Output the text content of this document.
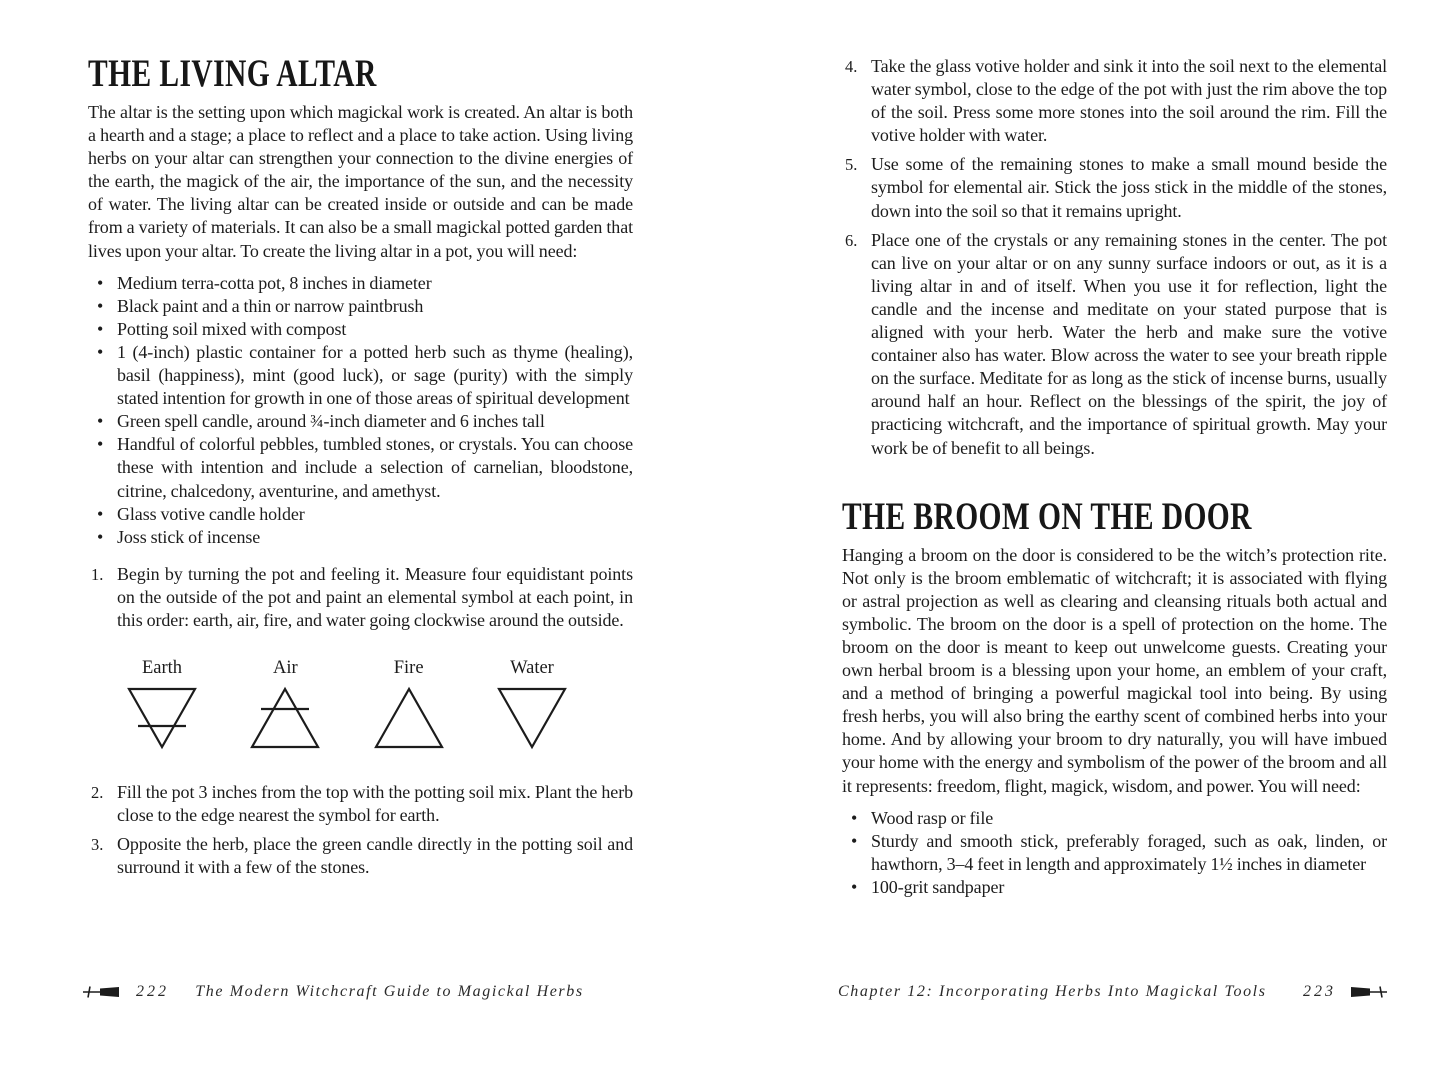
THE LIVING ALTAR

The altar is the setting upon which magickal work is created. An altar is both a hearth and a stage; a place to reflect and a place to take action. Using living herbs on your altar can strengthen your connection to the divine energies of the earth, the magick of the air, the importance of the sun, and the necessity of water. The living altar can be created inside or outside and can be made from a variety of materials. It can also be a small magickal potted garden that lives upon your altar. To create the living altar in a pot, you will need:

• Medium terra-cotta pot, 8 inches in diameter
• Black paint and a thin or narrow paintbrush
• Potting soil mixed with compost
• 1 (4-inch) plastic container for a potted herb such as thyme (healing), basil (happiness), mint (good luck), or sage (purity) with the simply stated intention for growth in one of those areas of spiritual development
• Green spell candle, around ¾-inch diameter and 6 inches tall
• Handful of colorful pebbles, tumbled stones, or crystals. You can choose these with intention and include a selection of carnelian, bloodstone, citrine, chalcedony, aventurine, and amethyst.
• Glass votive candle holder
• Joss stick of incense
1. Begin by turning the pot and feeling it. Measure four equidistant points on the outside of the pot and paint an elemental symbol at each point, in this order: earth, air, fire, and water going clockwise around the outside.
Earth	Air	Fire	Water
2. Fill the pot 3 inches from the top with the potting soil mix. Plant the herb close to the edge nearest the symbol for earth.
3. Opposite the herb, place the green candle directly in the potting soil and surround it with a few of the stones.
4. Take the glass votive holder and sink it into the soil next to the elemental water symbol, close to the edge of the pot with just the rim above the top of the soil. Press some more stones into the soil around the rim. Fill the votive holder with water.
5. Use some of the remaining stones to make a small mound beside the symbol for elemental air. Stick the joss stick in the middle of the stones, down into the soil so that it remains upright.
6. Place one of the crystals or any remaining stones in the center. The pot can live on your altar or on any sunny surface indoors or out, as it is a living altar in and of itself. When you use it for reflection, light the candle and the incense and meditate on your stated purpose that is aligned with your herb. Water the herb and make sure the votive container also has water. Blow across the water to see your breath ripple on the surface. Meditate for as long as the stick of incense burns, usually around half an hour. Reflect on the blessings of the spirit, the joy of practicing witchcraft, and the importance of spiritual growth. May your work be of benefit to all beings.
THE BROOM ON THE DOOR

Hanging a broom on the door is considered to be the witch’s protection rite. Not only is the broom emblematic of witchcraft; it is associated with flying or astral projection as well as clearing and cleansing rituals both actual and symbolic. The broom on the door is a spell of protection on the home. The broom on the door is meant to keep out unwelcome guests. Creating your own herbal broom is a blessing upon your home, an emblem of your craft, and a method of bringing a powerful magickal tool into being. By using fresh herbs, you will also bring the earthy scent of combined herbs into your home. And by allowing your broom to dry naturally, you will have imbued your home with the energy and symbolism of the power of the broom and all it represents: freedom, flight, magick, wisdom, and power. You will need:

• Wood rasp or file
• Sturdy and smooth stick, preferably foraged, such as oak, linden, or hawthorn, 3–4 feet in length and approximately 1½ inches in diameter
• 100-grit sandpaper
222 The Modern Witchcraft Guide to Magickal Herbs	Chapter 12: Incorporating Herbs Into Magickal Tools 223
